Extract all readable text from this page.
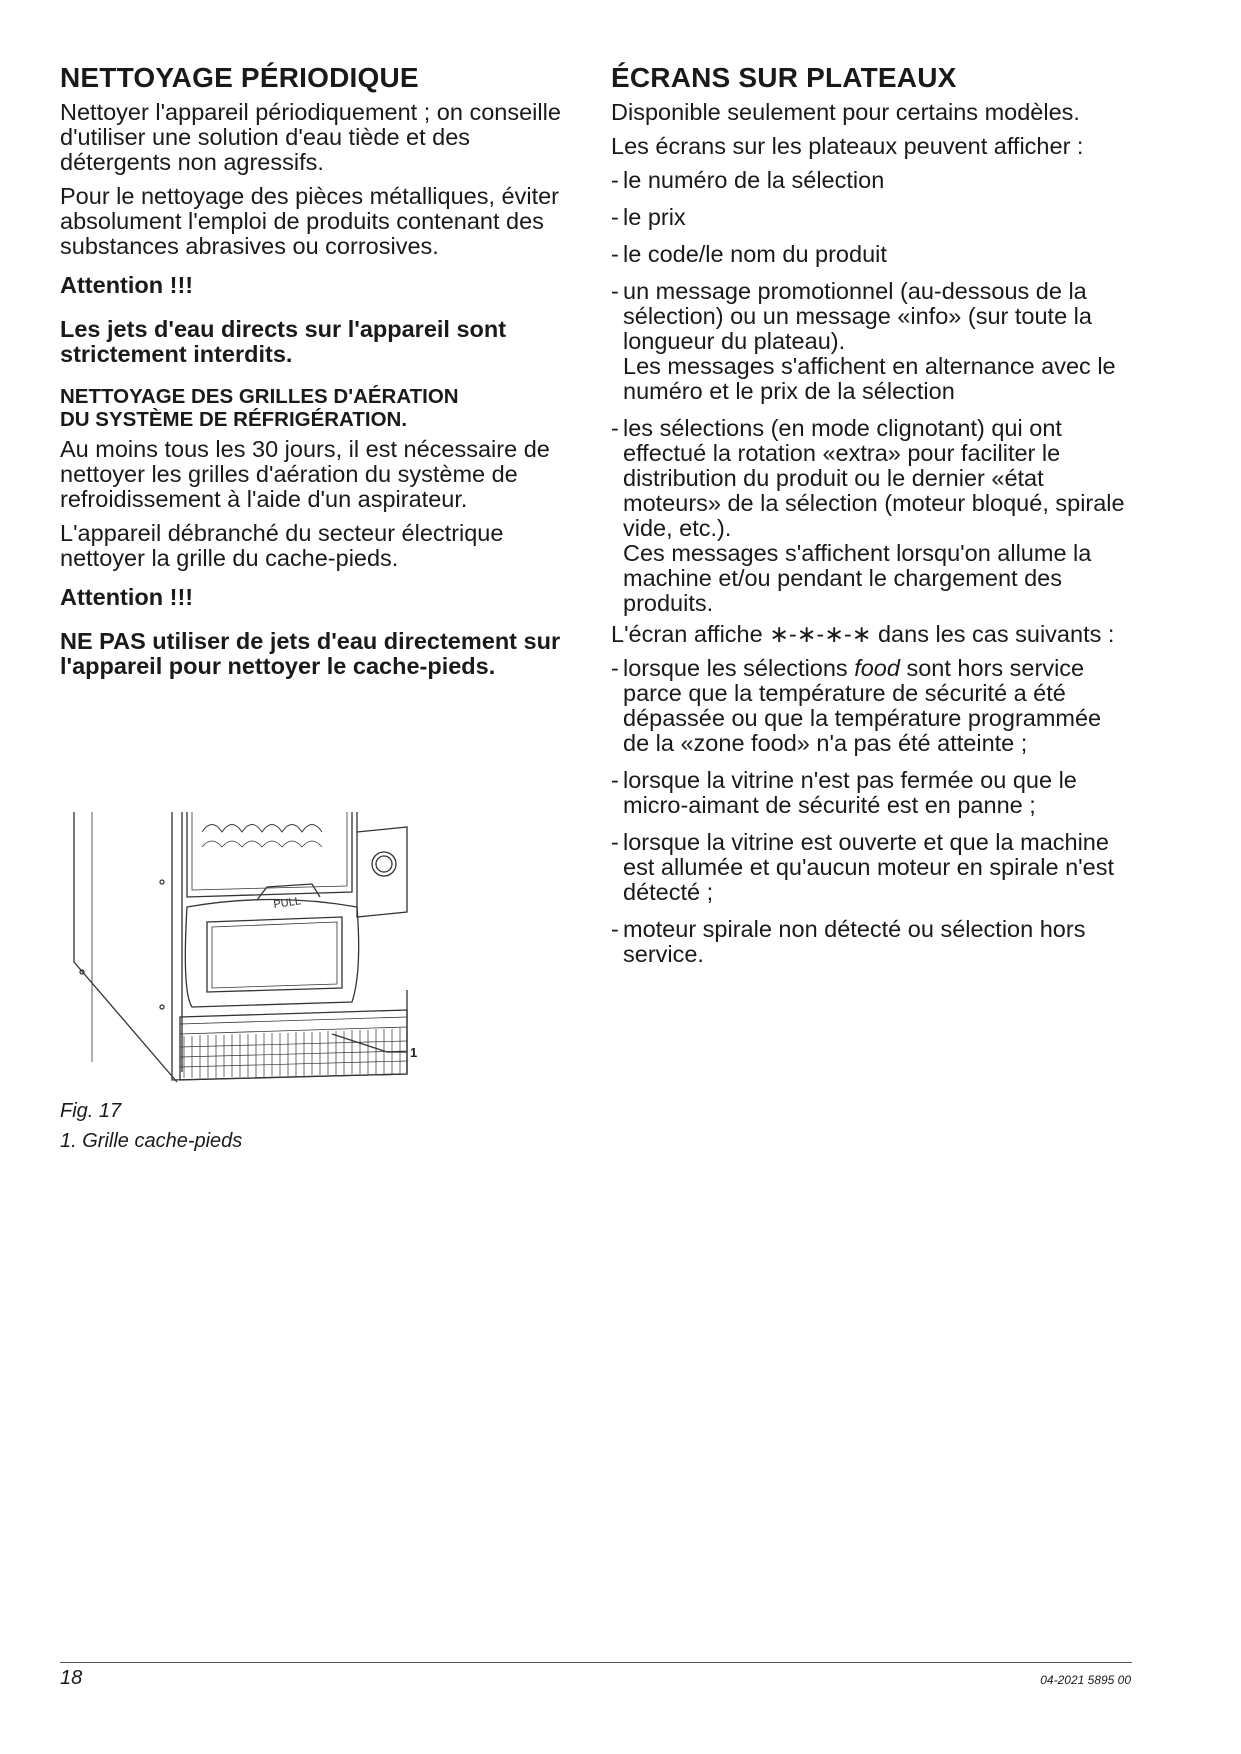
NETTOYAGE PÉRIODIQUE

Nettoyer l'appareil périodiquement ; on conseille d'utiliser une solution d'eau tiède et des détergents non agressifs.

Pour le nettoyage des pièces métalliques, éviter absolument l'emploi de produits contenant des substances abrasives ou corrosives.

Attention !!!
Les jets d'eau directs sur l'appareil sont strictement interdits.
NETTOYAGE DES GRILLES D'AÉRATION
DU SYSTÈME DE RÉFRIGÉRATION.

Au moins tous les 30 jours, il est nécessaire de nettoyer les grilles d'aération du système de refroidissement à l'aide d'un aspirateur.

L'appareil débranché du secteur électrique nettoyer la grille du cache-pieds.

Attention !!!
NE PAS utiliser de jets d'eau directement sur l'appareil pour nettoyer le cache-pieds.
PULL
1
Fig. 17
1. Grille cache-pieds
ÉCRANS SUR PLATEAUX

Disponible seulement pour certains modèles.

Les écrans sur les plateaux peuvent afficher :

- le numéro de la sélection
- le prix
- le code/le nom du produit
- un message promotionnel (au-dessous de la sélection) ou un message «info» (sur toute la longueur du plateau).
Les messages s'affichent en alternance avec le numéro et le prix de la sélection
- les sélections (en mode clignotant) qui ont effectué la rotation «extra» pour faciliter le distribution du produit ou le dernier «état moteurs» de la sélection (moteur bloqué, spirale vide, etc.).
Ces messages s'affichent lorsqu'on allume la machine et/ou pendant le chargement des produits.

L'écran affiche ∗-∗-∗-∗ dans les cas suivants :

- lorsque les sélections food sont hors service parce que la température de sécurité a été dépassée ou que la température programmée de la «zone food» n'a pas été atteinte ;
- lorsque la vitrine n'est pas fermée ou que le micro-aimant de sécurité est en panne ;
- lorsque la vitrine est ouverte et que la machine est allumée et qu'aucun moteur en spirale n'est détecté ;
- moteur spirale non détecté ou sélection hors service.
18	04-2021 5895 00
